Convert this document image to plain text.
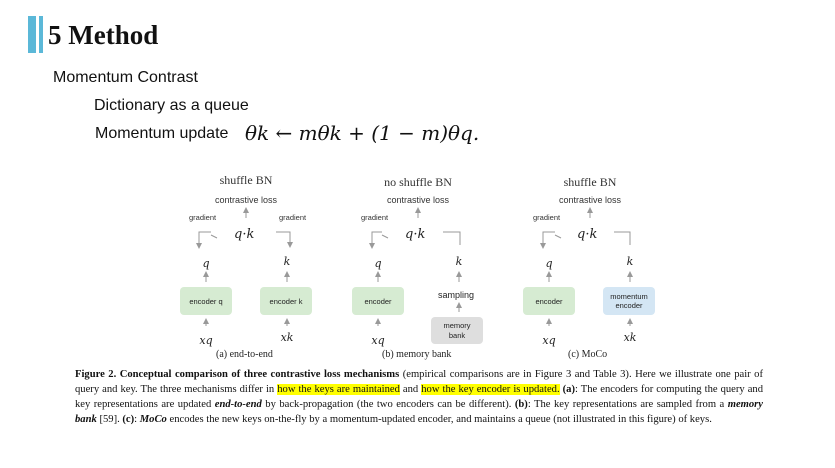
5 Method
Momentum Contrast
Dictionary as a queue
Momentum update θk ← mθk + (1 − m)θq.
shuffle BN
contrastive loss
gradient	gradient
q·k
q	k
encoder q	encoder k
xq	xk
(a) end-to-end
no shuffle BN
contrastive loss
gradient
q·k
q	k
encoder
sampling
memory
bank
xq
(b) memory bank
shuffle BN
contrastive loss
gradient
q·k
q	k
encoder	momentum
encoder
xq	xk
(c) MoCo
Figure 2. Conceptual comparison of three contrastive loss mechanisms (empirical comparisons are in Figure 3 and Table 3). Here we illustrate one pair of query and key. The three mechanisms differ in how the keys are maintained and how the key encoder is updated. (a): The encoders for computing the query and key representations are updated end-to-end by back-propagation (the two encoders can be different). (b): The key representations are sampled from a memory bank [59]. (c): MoCo encodes the new keys on-the-fly by a momentum-updated encoder, and maintains a queue (not illustrated in this figure) of keys.
